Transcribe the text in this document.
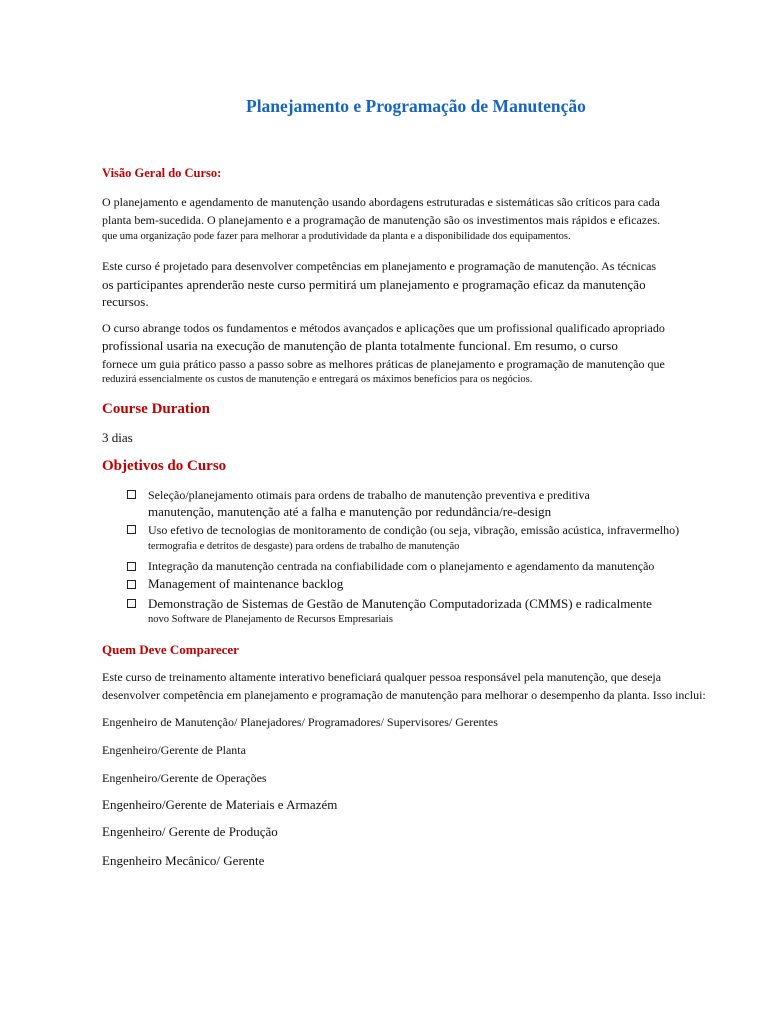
Planejamento e Programação de Manutenção
Visão Geral do Curso:
O planejamento e agendamento de manutenção usando abordagens estruturadas e sistemáticas são críticos para cada
planta bem-sucedida. O planejamento e a programação de manutenção são os investimentos mais rápidos e eficazes.
que uma organização pode fazer para melhorar a produtividade da planta e a disponibilidade dos equipamentos.
Este curso é projetado para desenvolver competências em planejamento e programação de manutenção. As técnicas
os participantes aprenderão neste curso permitirá um planejamento e programação eficaz da manutenção
recursos.
O curso abrange todos os fundamentos e métodos avançados e aplicações que um profissional qualificado apropriado
profissional usaria na execução de manutenção de planta totalmente funcional. Em resumo, o curso
fornece um guia prático passo a passo sobre as melhores práticas de planejamento e programação de manutenção que
reduzirá essencialmente os custos de manutenção e entregará os máximos benefícios para os negócios.
Course Duration
3 dias
Objetivos do Curso
Seleção/planejamento otimais para ordens de trabalho de manutenção preventiva e preditiva
manutenção, manutenção até a falha e manutenção por redundância/re-design
Uso efetivo de tecnologias de monitoramento de condição (ou seja, vibração, emissão acústica, infravermelho)
termografia e detritos de desgaste) para ordens de trabalho de manutenção
Integração da manutenção centrada na confiabilidade com o planejamento e agendamento da manutenção
Management of maintenance backlog
Demonstração de Sistemas de Gestão de Manutenção Computadorizada (CMMS) e radicalmente
novo Software de Planejamento de Recursos Empresariais
Quem Deve Comparecer
Este curso de treinamento altamente interativo beneficiará qualquer pessoa responsável pela manutenção, que deseja
desenvolver competência em planejamento e programação de manutenção para melhorar o desempenho da planta. Isso inclui:
Engenheiro de Manutenção/ Planejadores/ Programadores/ Supervisores/ Gerentes
Engenheiro/Gerente de Planta
Engenheiro/Gerente de Operações
Engenheiro/Gerente de Materiais e Armazém
Engenheiro/ Gerente de Produção
Engenheiro Mecânico/ Gerente
